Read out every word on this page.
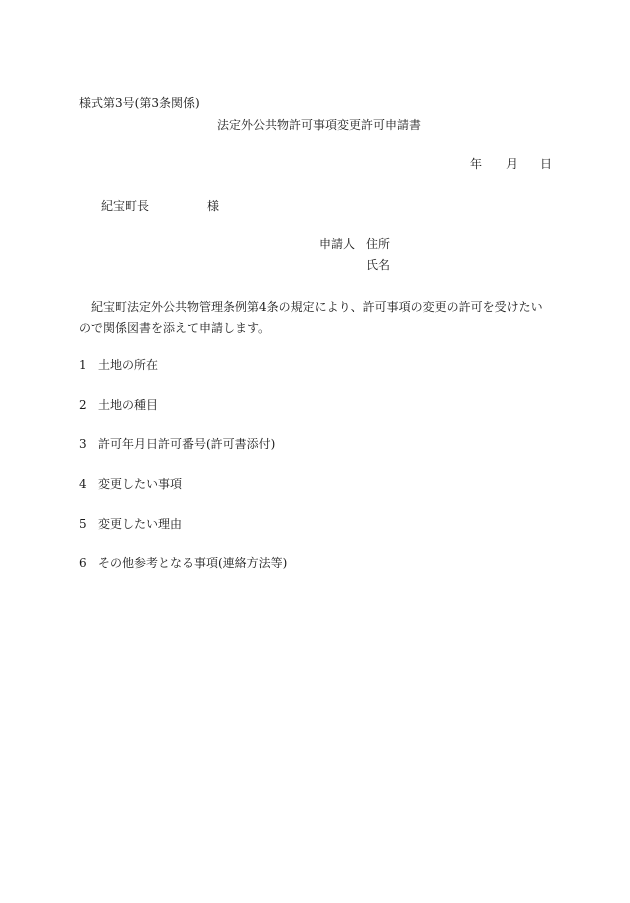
様式第3号(第3条関係)
法定外公共物許可事項変更許可申請書
年 月 日
紀宝町長	様
申請人 住所
氏名
紀宝町法定外公共物管理条例第4条の規定により、許可事項の変更の許可を受けたいので関係図書を添えて申請します。
1 土地の所在
2 土地の種目
3 許可年月日許可番号(許可書添付)
4 変更したい事項
5 変更したい理由
6 その他参考となる事項(連絡方法等)
